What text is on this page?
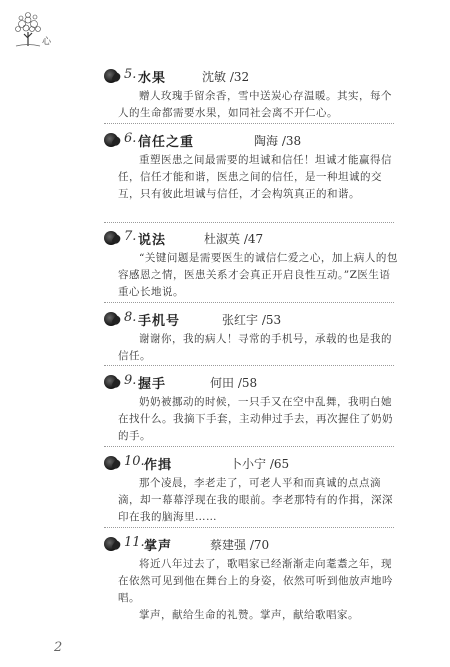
心
5. 水果	沈敏 /32

赠人玫瑰手留余香，雪中送炭心存温暖。其实，每个人的生命都需要水果，如同社会离不开仁心。

6. 信任之重	陶海 /38

重塑医患之间最需要的坦诚和信任！坦诚才能赢得信任，信任才能和谐，医患之间的信任，是一种坦诚的交互，只有彼此坦诚与信任，才会构筑真正的和谐。

7. 说法	杜淑英 /47

“关键问题是需要医生的诚信仁爱之心，加上病人的包容感恩之情，医患关系才会真正开启良性互动。”Z医生语重心长地说。

8. 手机号	张红宇 /53

谢谢你，我的病人！寻常的手机号，承载的也是我的信任。

9. 握手	何田 /58

奶奶被挪动的时候，一只手又在空中乱舞，我明白她在找什么。我摘下手套，主动伸过手去，再次握住了奶奶的手。

10. 作揖	卜小宁 /65

那个凌晨，李老走了，可老人平和而真诚的点点滴滴，却一幕幕浮现在我的眼前。李老那特有的作揖，深深印在我的脑海里……

11. 掌声	蔡建强 /70

将近八年过去了，歌唱家已经渐渐走向耄耋之年，现在依然可见到他在舞台上的身姿，依然可听到他放声地吟唱。

掌声，献给生命的礼赞。掌声，献给歌唱家。

2
